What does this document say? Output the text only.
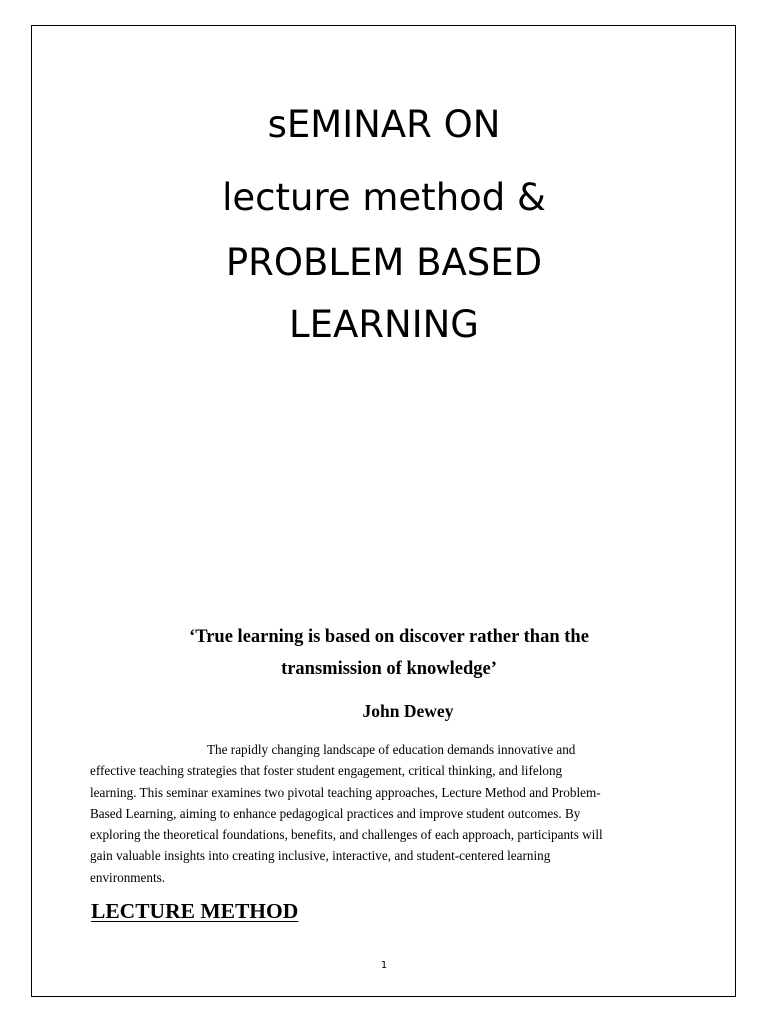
sEMINAR ON
lecture method &
PROBLEM BASED
LEARNING
‘True learning is based on discover rather than the
transmission of knowledge’
John Dewey
The rapidly changing landscape of education demands innovative and
effective teaching strategies that foster student engagement, critical thinking, and lifelong
learning. This seminar examines two pivotal teaching approaches, Lecture Method and Problem-
Based Learning, aiming to enhance pedagogical practices and improve student outcomes. By
exploring the theoretical foundations, benefits, and challenges of each approach, participants will
gain valuable insights into creating inclusive, interactive, and student-centered learning
environments.
LECTURE METHOD
1
